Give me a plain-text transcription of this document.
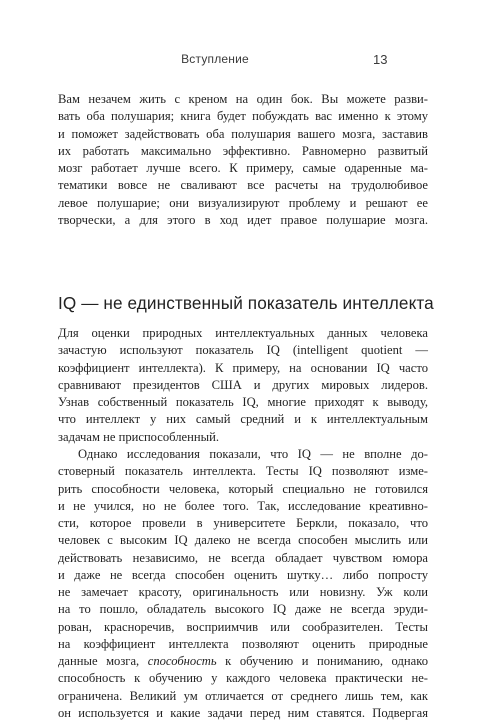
Вступление	13
Вам незачем жить с креном на один бок. Вы можете разви-
вать оба полушария; книга будет побуждать вас именно к этому
и поможет задействовать оба полушария вашего мозга, заставив
их работать максимально эффективно. Равномерно развитый
мозг работает лучше всего. К примеру, самые одаренные ма-
тематики вовсе не сваливают все расчеты на трудолюбивое
левое полушарие; они визуализируют проблему и решают ее
творчески, а для этого в ход идет правое полушарие мозга.
IQ — не единственный показатель интеллекта
Для оценки природных интеллектуальных данных человека
зачастую используют показатель IQ (intelligent quotient —
коэффициент интеллекта). К примеру, на основании IQ часто
сравнивают президентов США и других мировых лидеров.
Узнав собственный показатель IQ, многие приходят к выводу,
что интеллект у них самый средний и к интеллектуальным
задачам не приспособленный.
Однако исследования показали, что IQ — не вполне до-
стоверный показатель интеллекта. Тесты IQ позволяют изме-
рить способности человека, который специально не готовился
и не учился, но не более того. Так, исследование креативно-
сти, которое провели в университете Беркли, показало, что
человек с высоким IQ далеко не всегда способен мыслить или
действовать независимо, не всегда обладает чувством юмора
и даже не всегда способен оценить шутку… либо попросту
не замечает красоту, оригинальность или новизну. Уж коли
на то пошло, обладатель высокого IQ даже не всегда эруди-
рован, красноречив, восприимчив или сообразителен. Тесты
на коэффициент интеллекта позволяют оценить природные
данные мозга, способность к обучению и пониманию, однако
способность к обучению у каждого человека практически не-
ограничена. Великий ум отличается от среднего лишь тем, как
он используется и какие задачи перед ним ставятся. Подвергая
